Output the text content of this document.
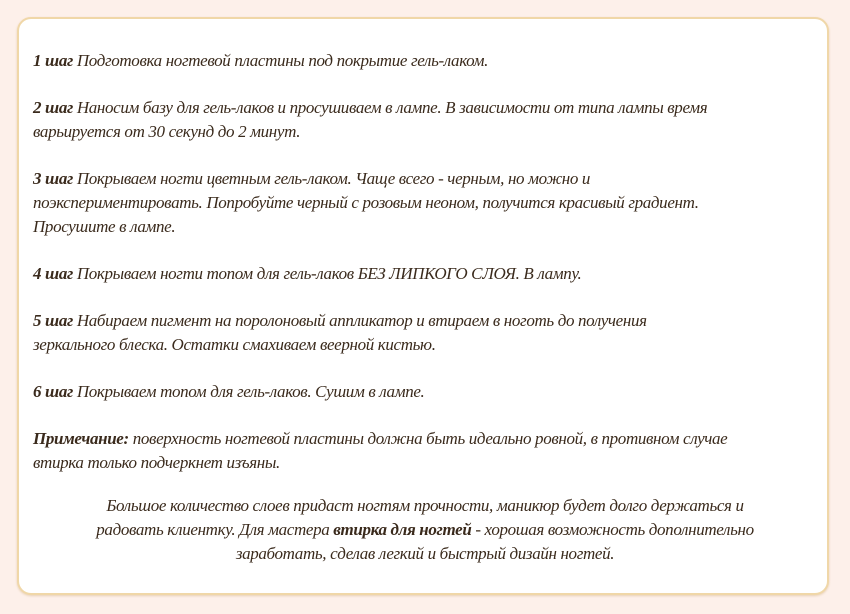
1 шаг Подготовка ногтевой пластины под покрытие гель-лаком.

2 шаг Наносим базу для гель-лаков и просушиваем в лампе. В зависимости от типа лампы время
варьируется от 30 секунд до 2 минут.

3 шаг Покрываем ногти цветным гель-лаком. Чаще всего - черным, но можно и
поэкспериментировать. Попробуйте черный с розовым неоном, получится красивый градиент.
Просушите в лампе.

4 шаг Покрываем ногти топом для гель-лаков БЕЗ ЛИПКОГО СЛОЯ. В лампу.

5 шаг Набираем пигмент на поролоновый аппликатор и втираем в ноготь до получения
зеркального блеска. Остатки смахиваем веерной кистью.

6 шаг Покрываем топом для гель-лаков. Сушим в лампе.

Примечание: поверхность ногтевой пластины должна быть идеально ровной, в противном случае
втирка только подчеркнет изъяны.

Большое количество слоев придаст ногтям прочности, маникюр будет долго держаться и
радовать клиентку. Для мастера втирка для ногтей - хорошая возможность дополнительно
заработать, сделав легкий и быстрый дизайн ногтей.
